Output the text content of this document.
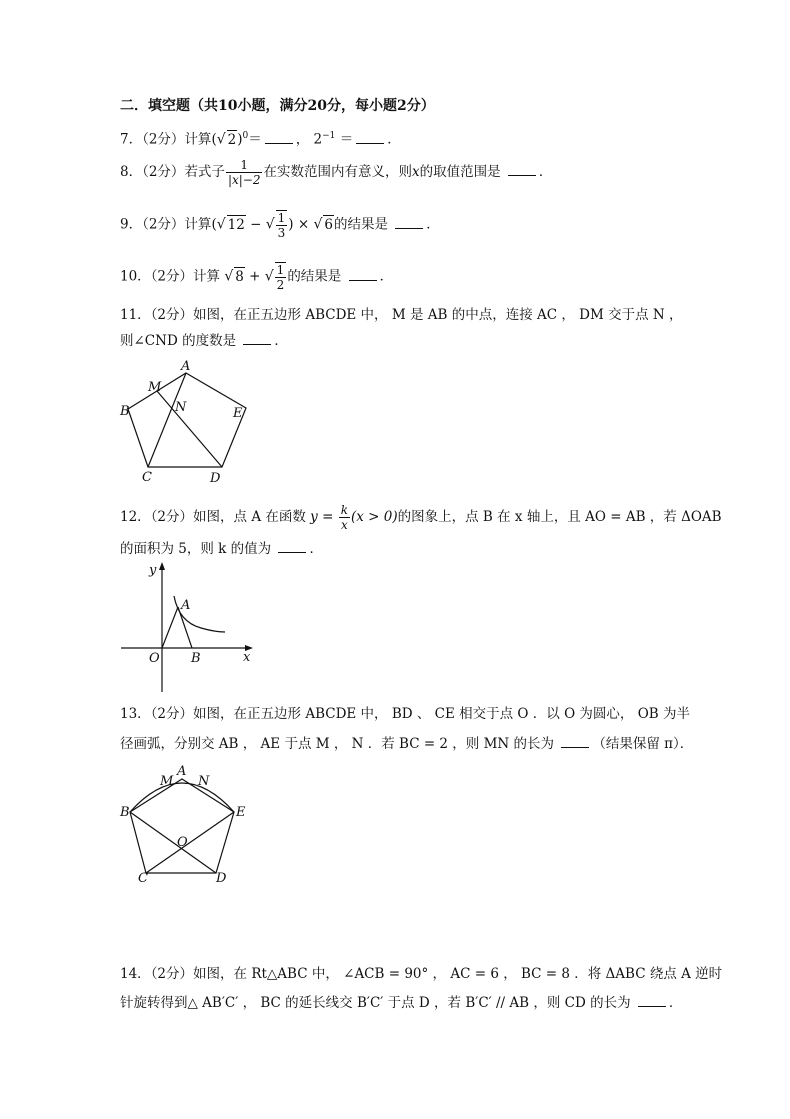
二．填空题（共10小题，满分20分，每小题2分）
7．（2分）计算(√ 2)$^0$＝	， $2^{-1}$ ＝	．
8．（2分）若式子 $\frac{1}{|x|-2}$ 在实数范围内有意义，则x的取值范围是	．
9．（2分）计算(√ 12 − √ $\frac{1}{3}$ ) × √ 6的结果是	．
10．（2分）计算 √ 8 + √ $\frac{1}{2}$ 的结果是	．
11．（2分）如图，在正五边形 ABCDE 中， M 是 AB 的中点，连接 AC ， DM 交于点 N ，
则∠CND 的度数是	．
A
B
C	D
E
M
N
12．（2分）如图，点 A 在函数 $y = \frac{k}{x} (x > 0)$的图象上，点 B 在 x 轴上，且 AO = AB ，若 ΔOAB
的面积为 5，则 k 的值为	．
y
A
O B	x
13．（2分）如图，在正五边形 ABCDE 中， BD 、 CE 相交于点 O ．以 O 为圆心， OB 为半
径画弧，分别交 AB ， AE 于点 M ， N ．若 BC = 2 ，则 MN 的长为	（结果保留 π）．
A
M N
B	E
O
C	D
14．（2分）如图，在 Rt△ABC 中， ∠ACB = 90° ， AC = 6 ， BC = 8 ．将 ΔABC 绕点 A 逆时
针旋转得到△ AB′C′ ， BC 的延长线交 B′C′ 于点 D ，若 B′C′ // AB ，则 CD 的长为	．
